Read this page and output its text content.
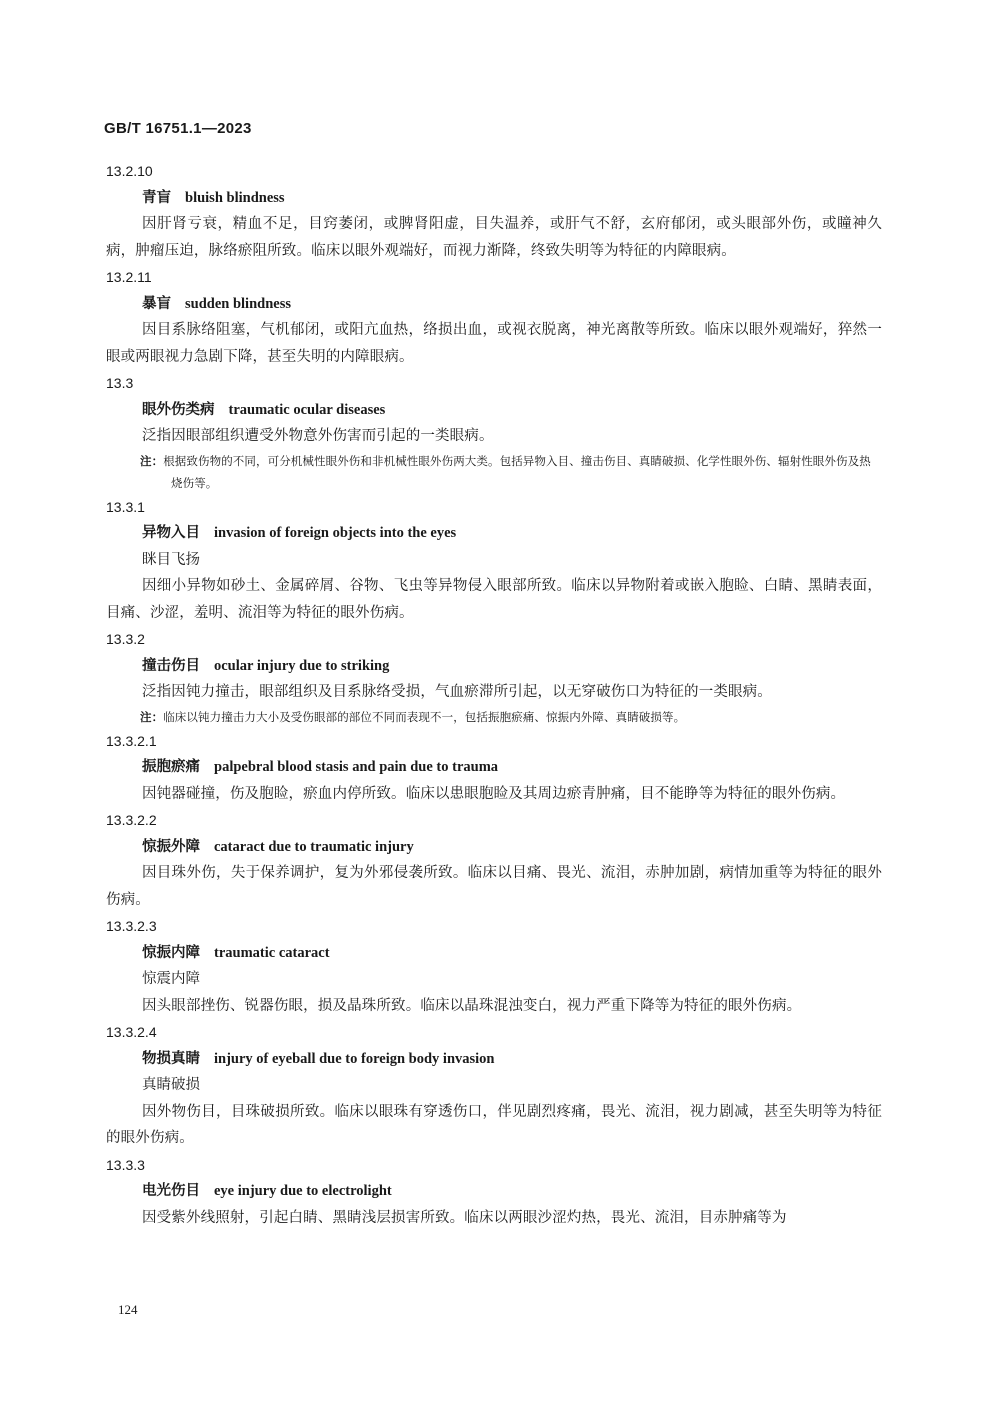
GB/T 16751.1—2023
13.2.10
青盲 bluish blindness
因肝肾亏衰，精血不足，目窍萎闭，或脾肾阳虚，目失温养，或肝气不舒，玄府郁闭，或头眼部外伤，或瞳神久病，肿瘤压迫，脉络瘀阻所致。临床以眼外观端好，而视力渐降，终致失明等为特征的内障眼病。
13.2.11
暴盲 sudden blindness
因目系脉络阻塞，气机郁闭，或阳亢血热，络损出血，或视衣脱离，神光离散等所致。临床以眼外观端好，猝然一眼或两眼视力急剧下降，甚至失明的内障眼病。
13.3
眼外伤类病 traumatic ocular diseases
泛指因眼部组织遭受外物意外伤害而引起的一类眼病。
注：根据致伤物的不同，可分机械性眼外伤和非机械性眼外伤两大类。包括异物入目、撞击伤目、真睛破损、化学性眼外伤、辐射性眼外伤及热烧伤等。
13.3.1
异物入目 invasion of foreign objects into the eyes
眯目飞扬
因细小异物如砂土、金属碎屑、谷物、飞虫等异物侵入眼部所致。临床以异物附着或嵌入胞睑、白睛、黑睛表面，目痛、沙涩，羞明、流泪等为特征的眼外伤病。
13.3.2
撞击伤目 ocular injury due to striking
泛指因钝力撞击，眼部组织及目系脉络受损，气血瘀滞所引起，以无穿破伤口为特征的一类眼病。
注：临床以钝力撞击力大小及受伤眼部的部位不同而表现不一，包括振胞瘀痛、惊振内外障、真睛破损等。
13.3.2.1
振胞瘀痛 palpebral blood stasis and pain due to trauma
因钝器碰撞，伤及胞睑，瘀血内停所致。临床以患眼胞睑及其周边瘀青肿痛，目不能睁等为特征的眼外伤病。
13.3.2.2
惊振外障 cataract due to traumatic injury
因目珠外伤，失于保养调护，复为外邪侵袭所致。临床以目痛、畏光、流泪，赤肿加剧，病情加重等为特征的眼外伤病。
13.3.2.3
惊振内障 traumatic cataract
惊震内障
因头眼部挫伤、锐器伤眼，损及晶珠所致。临床以晶珠混浊变白，视力严重下降等为特征的眼外伤病。
13.3.2.4
物损真睛 injury of eyeball due to foreign body invasion
真睛破损
因外物伤目，目珠破损所致。临床以眼珠有穿透伤口，伴见剧烈疼痛，畏光、流泪，视力剧减，甚至失明等为特征的眼外伤病。
13.3.3
电光伤目 eye injury due to electrolight
因受紫外线照射，引起白睛、黑睛浅层损害所致。临床以两眼沙涩灼热，畏光、流泪，目赤肿痛等为
124
